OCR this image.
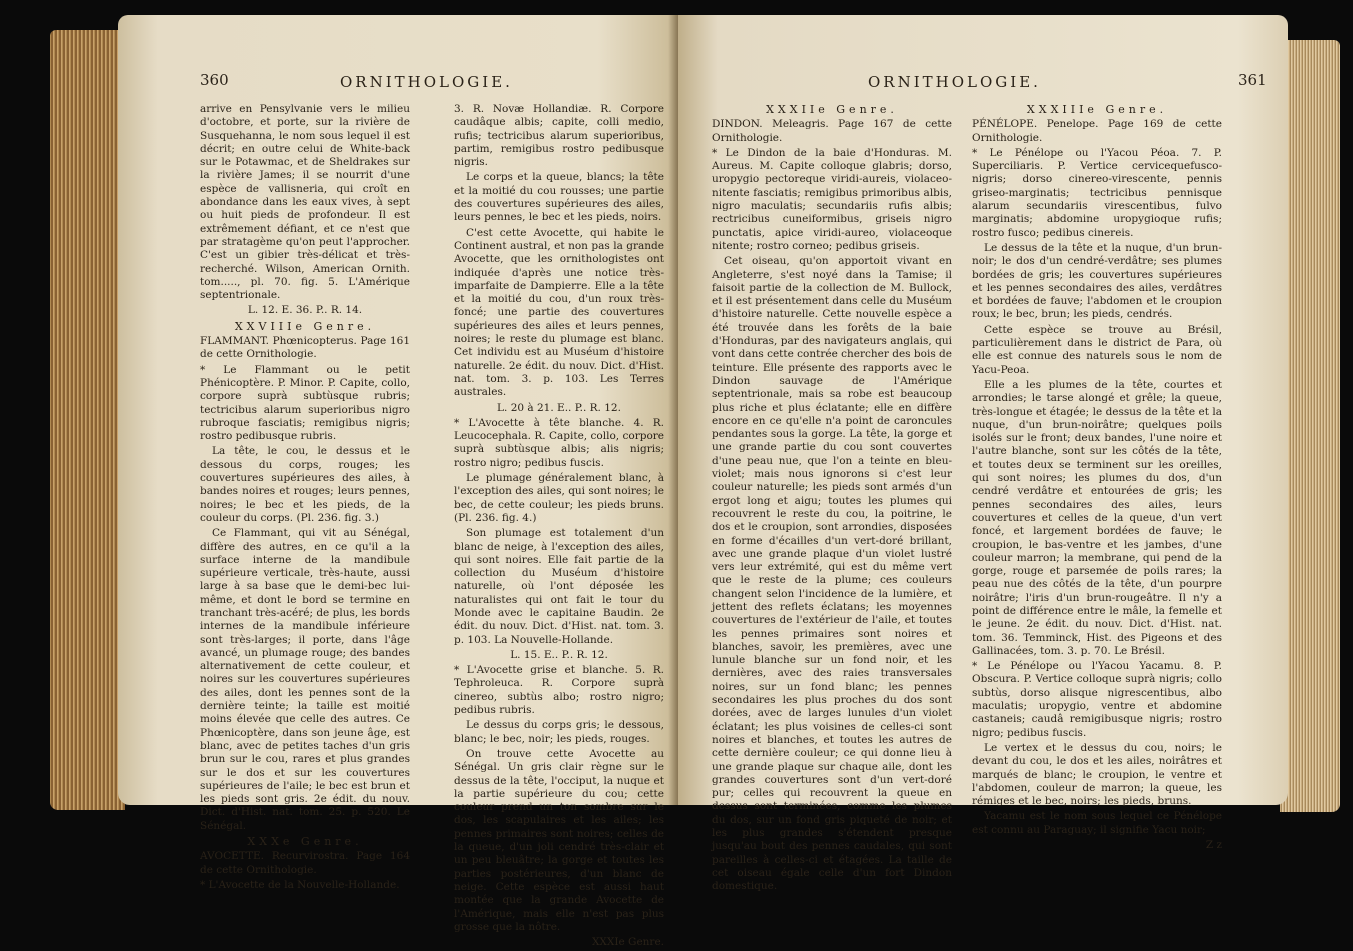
360	ORNITHOLOGIE.

arrive en Pensylvanie vers le milieu d'octobre, et porte, sur la rivière de Susquehanna, le nom sous lequel il est décrit; en outre celui de White-back sur le Potawmac, et de Sheldrakes sur la rivière James; il se nourrit d'une espèce de vallisneria, qui croît en abondance dans les eaux vives, à sept ou huit pieds de profondeur. Il est extrêmement défiant, et ce n'est que par stratagème qu'on peut l'approcher. C'est un gibier très-délicat et très-recherché. Wilson, American Ornith. tom....., pl. 70. fig. 5. L'Amérique septentrionale.

L. 12. E. 36. P.. R. 14.

XXVIIIe Genre.

FLAMMANT. Phœnicopterus. Page 161 de cette Ornithologie.

* Le Flammant ou le petit Phénicoptère. P. Minor. P. Capite, collo, corpore suprà subtùsque rubris; tectricibus alarum superioribus nigro rubroque fasciatis; remigibus nigris; rostro pedibusque rubris.

La tête, le cou, le dessus et le dessous du corps, rouges; les couvertures supérieures des ailes, à bandes noires et rouges; leurs pennes, noires; le bec et les pieds, de la couleur du corps. (Pl. 236. fig. 3.)

Ce Flammant, qui vit au Sénégal, diffère des autres, en ce qu'il a la surface interne de la mandibule supérieure verticale, très-haute, aussi large à sa base que le demi-bec lui-même, et dont le bord se termine en tranchant très-acéré; de plus, les bords internes de la mandibule inférieure sont très-larges; il porte, dans l'âge avancé, un plumage rouge; des bandes alternativement de cette couleur, et noires sur les couvertures supérieures des ailes, dont les pennes sont de la dernière teinte; la taille est moitié moins élevée que celle des autres. Ce Phœnicoptère, dans son jeune âge, est blanc, avec de petites taches d'un gris brun sur le cou, rares et plus grandes sur le dos et sur les couvertures supérieures de l'aile; le bec est brun et les pieds sont gris. 2e édit. du nouv. Dict. d'Hist. nat. tom. 25. p. 520. Le Sénégal.

XXXe Genre.

AVOCETTE. Recurvirostra. Page 164 de cette Ornithologie.

* L'Avocette de la Nouvelle-Hollande.

3. R. Novæ Hollandiæ. R. Corpore caudâque albis; capite, colli medio, rufis; tectricibus alarum superioribus, partim, remigibus rostro pedibusque nigris.

Le corps et la queue, blancs; la tête et la moitié du cou rousses; une partie des couvertures supérieures des ailes, leurs pennes, le bec et les pieds, noirs.

C'est cette Avocette, qui habite le Continent austral, et non pas la grande Avocette, que les ornithologistes ont indiquée d'après une notice très-imparfaite de Dampierre. Elle a la tête et la moitié du cou, d'un roux très-foncé; une partie des couvertures supérieures des ailes et leurs pennes, noires; le reste du plumage est blanc. Cet individu est au Muséum d'histoire naturelle. 2e édit. du nouv. Dict. d'Hist. nat. tom. 3. p. 103. Les Terres australes.

L. 20 à 21. E.. P.. R. 12.

* L'Avocette à tête blanche. 4. R. Leucocephala. R. Capite, collo, corpore suprà subtùsque albis; alis nigris; rostro nigro; pedibus fuscis.

Le plumage généralement blanc, à l'exception des ailes, qui sont noires; le bec, de cette couleur; les pieds bruns. (Pl. 236. fig. 4.)

Son plumage est totalement d'un blanc de neige, à l'exception des ailes, qui sont noires. Elle fait partie de la collection du Muséum d'histoire naturelle, où l'ont déposée les naturalistes qui ont fait le tour du Monde avec le capitaine Baudin. 2e édit. du nouv. Dict. d'Hist. nat. tom. 3. p. 103. La Nouvelle-Hollande.

L. 15. E.. P.. R. 12.

* L'Avocette grise et blanche. 5. R. Tephroleuca. R. Corpore suprà cinereo, subtùs albo; rostro nigro; pedibus rubris.

Le dessus du corps gris; le dessous, blanc; le bec, noir; les pieds, rouges.

On trouve cette Avocette au Sénégal. Un gris clair règne sur le dessus de la tête, l'occiput, la nuque et la partie supérieure du cou; cette couleur prend un ton sombre sur le dos, les scapulaires et les ailes; les pennes primaires sont noires; celles de la queue, d'un joli cendré très-clair et un peu bleuâtre; la gorge et toutes les parties postérieures, d'un blanc de neige. Cette espèce est aussi haut montée que la grande Avocette de l'Amérique, mais elle n'est pas plus grosse que la nôtre.

XXXIe Genre.

ORNITHOLOGIE.	361

XXXIIe Genre.

DINDON. Meleagris. Page 167 de cette Ornithologie.

* Le Dindon de la baie d'Honduras. M. Aureus. M. Capite colloque glabris; dorso, uropygio pectoreque viridi-aureis, violaceo-nitente fasciatis; remigibus primoribus albis, nigro maculatis; secundariis rufis albis; rectricibus cuneiformibus, griseis nigro punctatis, apice viridi-aureo, violaceoque nitente; rostro corneo; pedibus griseis.

Cet oiseau, qu'on apportoit vivant en Angleterre, s'est noyé dans la Tamise; il faisoit partie de la collection de M. Bullock, et il est présentement dans celle du Muséum d'histoire naturelle. Cette nouvelle espèce a été trouvée dans les forêts de la baie d'Honduras, par des navigateurs anglais, qui vont dans cette contrée chercher des bois de teinture. Elle présente des rapports avec le Dindon sauvage de l'Amérique septentrionale, mais sa robe est beaucoup plus riche et plus éclatante; elle en diffère encore en ce qu'elle n'a point de caroncules pendantes sous la gorge. La tête, la gorge et une grande partie du cou sont couvertes d'une peau nue, que l'on a teinte en bleu-violet; mais nous ignorons si c'est leur couleur naturelle; les pieds sont armés d'un ergot long et aigu; toutes les plumes qui recouvrent le reste du cou, la poitrine, le dos et le croupion, sont arrondies, disposées en forme d'écailles d'un vert-doré brillant, avec une grande plaque d'un violet lustré vers leur extrémité, qui est du même vert que le reste de la plume; ces couleurs changent selon l'incidence de la lumière, et jettent des reflets éclatans; les moyennes couvertures de l'extérieur de l'aile, et toutes les pennes primaires sont noires et blanches, savoir, les premières, avec une lunule blanche sur un fond noir, et les dernières, avec des raies transversales noires, sur un fond blanc; les pennes secondaires les plus proches du dos sont dorées, avec de larges lunules d'un violet éclatant; les plus voisines de celles-ci sont noires et blanches, et toutes les autres de cette dernière couleur; ce qui donne lieu à une grande plaque sur chaque aile, dont les grandes couvertures sont d'un vert-doré pur; celles qui recouvrent la queue en dessus sont terminées, comme les plumes du dos, sur un fond gris piqueté de noir; et les plus grandes s'étendent presque jusqu'au bout des pennes caudales, qui sont pareilles à celles-ci et étagées. La taille de cet oiseau égale celle d'un fort Dindon domestique.

XXXIIIe Genre.

PÉNÉLOPE. Penelope. Page 169 de cette Ornithologie.

* Le Pénélope ou l'Yacou Péoa. 7. P. Superciliaris. P. Vertice cervicequefusco-nigris; dorso cinereo-virescente, pennis griseo-marginatis; tectricibus pennisque alarum secundariis virescentibus, fulvo marginatis; abdomine uropygioque rufis; rostro fusco; pedibus cinereis.

Le dessus de la tête et la nuque, d'un brun-noir; le dos d'un cendré-verdâtre; ses plumes bordées de gris; les couvertures supérieures et les pennes secondaires des ailes, verdâtres et bordées de fauve; l'abdomen et le croupion roux; le bec, brun; les pieds, cendrés.

Cette espèce se trouve au Brésil, particulièrement dans le district de Para, où elle est connue des naturels sous le nom de Yacu-Peoa.

Elle a les plumes de la tête, courtes et arrondies; le tarse alongé et grêle; la queue, très-longue et étagée; le dessus de la tête et la nuque, d'un brun-noirâtre; quelques poils isolés sur le front; deux bandes, l'une noire et l'autre blanche, sont sur les côtés de la tête, et toutes deux se terminent sur les oreilles, qui sont noires; les plumes du dos, d'un cendré verdâtre et entourées de gris; les pennes secondaires des ailes, leurs couvertures et celles de la queue, d'un vert foncé, et largement bordées de fauve; le croupion, le bas-ventre et les jambes, d'une couleur marron; la membrane, qui pend de la gorge, rouge et parsemée de poils rares; la peau nue des côtés de la tête, d'un pourpre noirâtre; l'iris d'un brun-rougeâtre. Il n'y a point de différence entre le mâle, la femelle et le jeune. 2e édit. du nouv. Dict. d'Hist. nat. tom. 36. Temminck, Hist. des Pigeons et des Gallinacées, tom. 3. p. 70. Le Brésil.

* Le Pénélope ou l'Yacou Yacamu. 8. P. Obscura. P. Vertice colloque suprà nigris; collo subtùs, dorso alisque nigrescentibus, albo maculatis; uropygio, ventre et abdomine castaneis; caudâ remigibusque nigris; rostro nigro; pedibus fuscis.

Le vertex et le dessus du cou, noirs; le devant du cou, le dos et les ailes, noirâtres et marqués de blanc; le croupion, le ventre et l'abdomen, couleur de marron; la queue, les rémiges et le bec, noirs; les pieds, bruns.

Yacamu est le nom sous lequel ce Pénélope est connu au Paraguay; il signifie Yacu noir;

Z z
